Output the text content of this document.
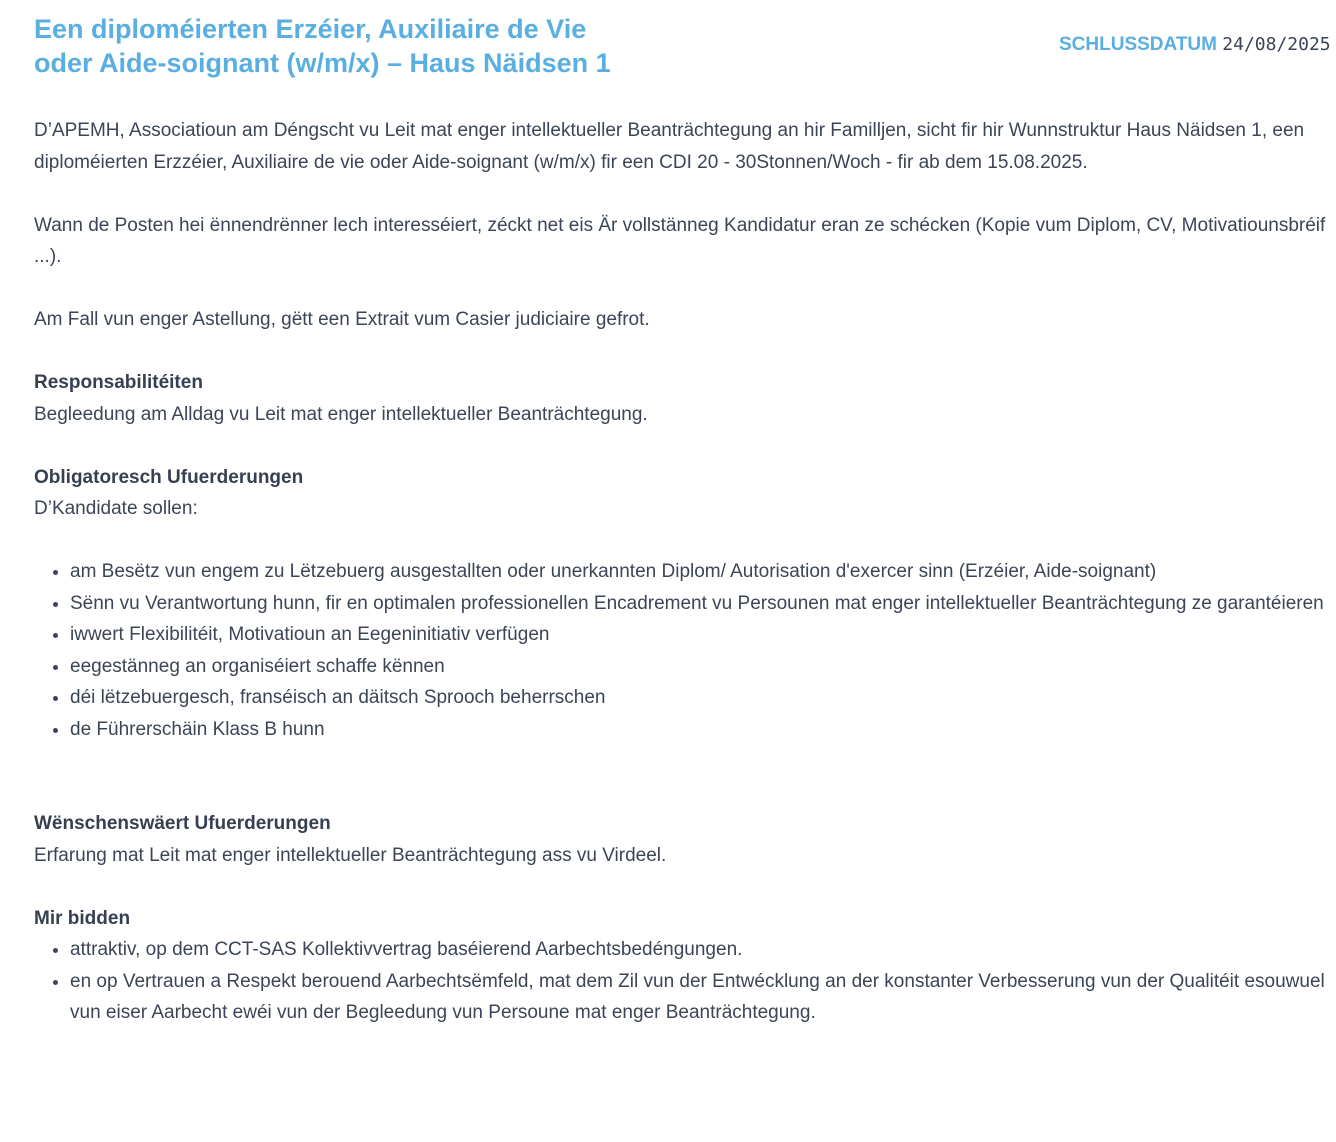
Een diploméierten Erzéier, Auxiliaire de Vie
oder Aide-soignant (w/m/x) – Haus Näidsen 1
SCHLUSSDATUM 24/08/2025

D’APEMH, Associatioun am Déngscht vu Leit mat enger intellektueller Beanträchtegung an hir Familljen, sicht fir hir Wunnstruktur Haus Näidsen 1, een diploméierten Erzzéier, Auxiliaire de vie oder Aide-soignant (w/m/x) fir een CDI 20 - 30Stonnen/Woch - fir ab dem 15.08.2025.

Wann de Posten hei ënnendrënner lech interesséiert, zéckt net eis Är vollstänneg Kandidatur eran ze schécken (Kopie vum Diplom, CV, Motivatiounsbréif ...).

Am Fall vun enger Astellung, gëtt een Extrait vum Casier judiciaire gefrot.

Responsabilitéiten

Begleedung am Alldag vu Leit mat enger intellektueller Beanträchtegung.

Obligatoresch Ufuerderungen

D’Kandidate sollen:

• am Besëtz vun engem zu Lëtzebuerg ausgestallten oder unerkannten Diplom/ Autorisation d'exercer sinn (Erzéier, Aide-soignant)
• Sënn vu Verantwortung hunn, fir en optimalen professionellen Encadrement vu Persounen mat enger intellektueller Beanträchtegung ze garantéieren
• iwwert Flexibilitéit, Motivatioun an Eegeninitiativ verfügen
• eegestänneg an organiséiert schaffe kënnen
• déi lëtzebuergesch, franséisch an däitsch Sprooch beherrschen
• de Führerschäin Klass B hunn

Wënschenswäert Ufuerderungen

Erfarung mat Leit mat enger intellektueller Beanträchtegung ass vu Virdeel.

Mir bidden

• attraktiv, op dem CCT-SAS Kollektivvertrag baséierend Aarbechtsbedéngungen.
• en op Vertrauen a Respekt berouend Aarbechtsëmfeld, mat dem Zil vun der Entwécklung an der konstanter Verbesserung vun der Qualitéit esouwuel vun eiser Aarbecht ewéi vun der Begleedung vun Persoune mat enger Beanträchtegung.
